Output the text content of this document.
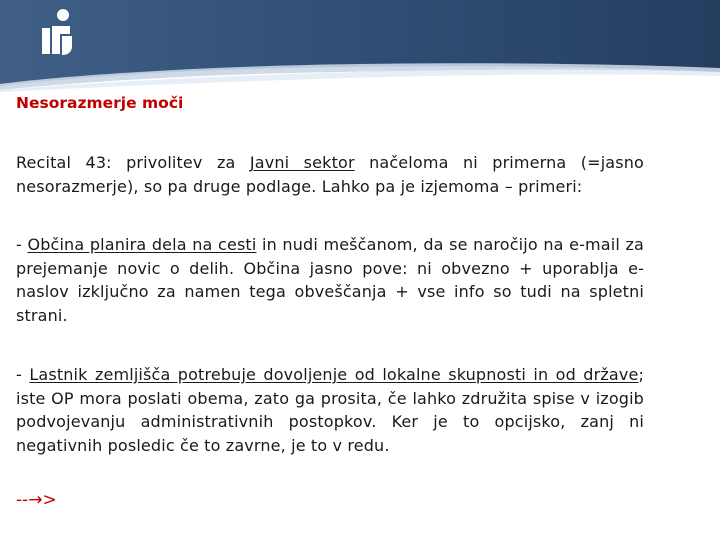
Nesorazmerje moči
Recital 43: privolitev za Javni sektor načeloma ni primerna (=jasno nesorazmerje), so pa druge podlage. Lahko pa je izjemoma – primeri:
- Občina planira dela na cesti in nudi meščanom, da se naročijo na e-mail za prejemanje novic o delih. Občina jasno pove: ni obvezno + uporablja e-naslov izključno za namen tega obveščanja + vse info so tudi na spletni strani.
- Lastnik zemljišča potrebuje dovoljenje od lokalne skupnosti in od države; iste OP mora poslati obema, zato ga prosita, če lahko združita spise v izogib podvojevanju administrativnih postopkov. Ker je to opcijsko, zanj ni negativnih posledic če to zavrne, je to v redu.
--→>
